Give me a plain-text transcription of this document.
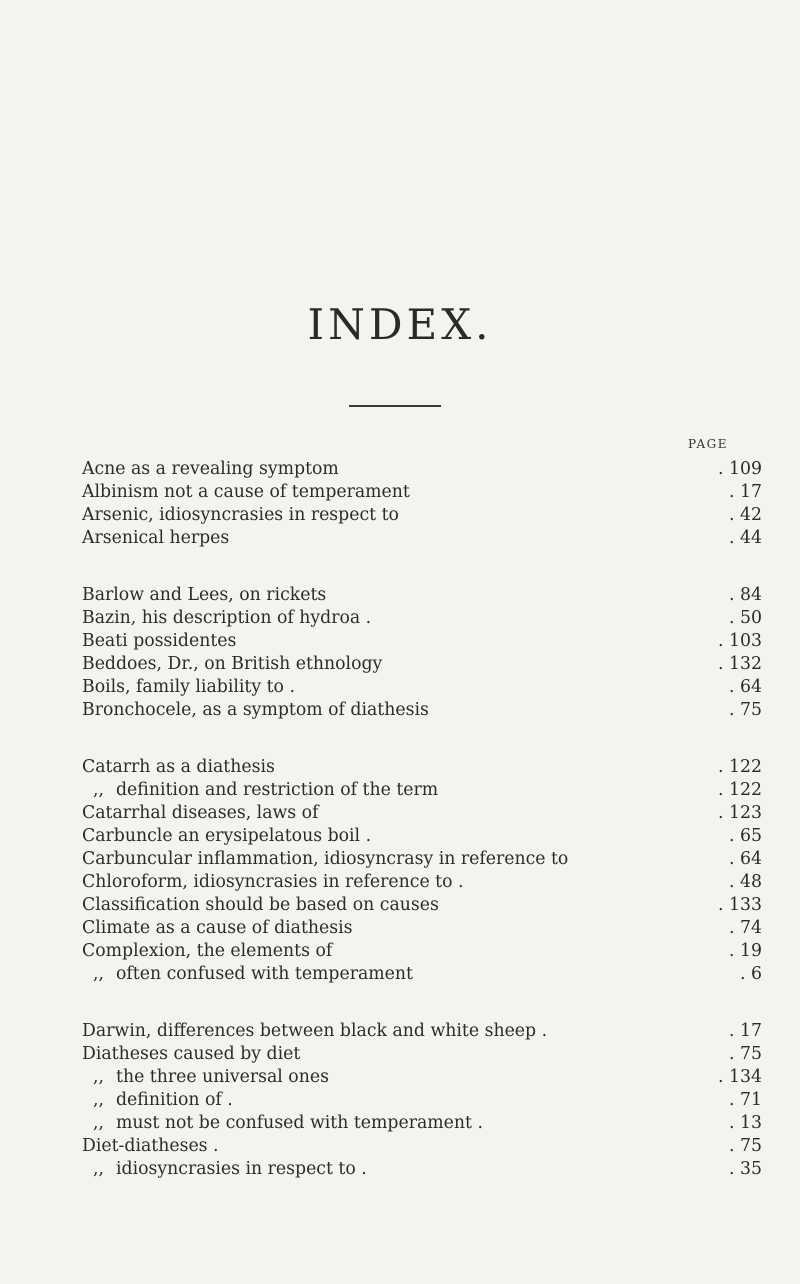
INDEX.
PAGE
Acne as a revealing symptom	. 109
Albinism not a cause of temperament	. 17
Arsenic, idiosyncrasies in respect to	. 42
Arsenical herpes	. 44
Barlow and Lees, on rickets	. 84
Bazin, his description of hydroa .	. 50
Beati possidentes	. 103
Beddoes, Dr., on British ethnology	. 132
Boils, family liability to .	. 64
Bronchocele, as a symptom of diathesis	. 75
Catarrh as a diathesis	. 122
,, definition and restriction of the term	. 122
Catarrhal diseases, laws of	. 123
Carbuncle an erysipelatous boil .	. 65
Carbuncular inflammation, idiosyncrasy in reference to	. 64
Chloroform, idiosyncrasies in reference to .	. 48
Classification should be based on causes	. 133
Climate as a cause of diathesis	. 74
Complexion, the elements of	. 19
,, often confused with temperament	. 6
Darwin, differences between black and white sheep .	. 17
Diatheses caused by diet	. 75
,, the three universal ones	. 134
,, definition of .	. 71
,, must not be confused with temperament .	. 13
Diet-diatheses .	. 75
,, idiosyncrasies in respect to .	. 35
